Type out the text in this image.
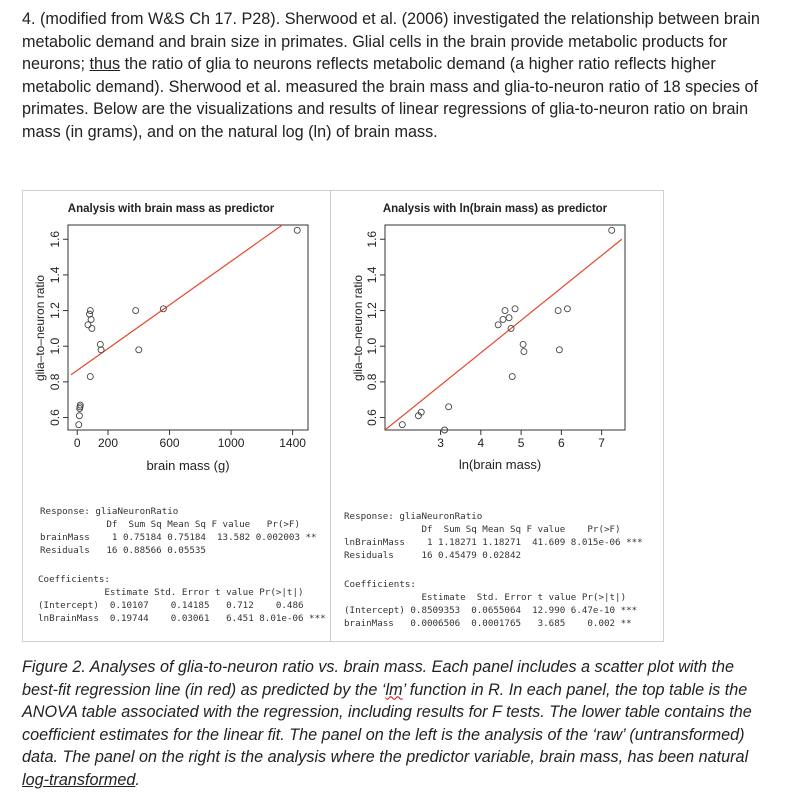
4. (modified from W&S Ch 17. P28). Sherwood et al. (2006) investigated the relationship between brain metabolic demand and brain size in primates. Glial cells in the brain provide metabolic products for neurons; thus the ratio of glia to neurons reflects metabolic demand (a higher ratio reflects higher metabolic demand). Sherwood et al. measured the brain mass and glia-to-neuron ratio of 18 species of primates. Below are the visualizations and results of linear regressions of glia-to-neuron ratio on brain mass (in grams), and on the natural log (ln) of brain mass.

Analysis with brain mass as predictor
0 200	600	1000	1400
0.6
0.8
1.0
1.2
1.4
1.6
brain mass (g)
glia–to–neuron ratio
Analysis with ln(brain mass) as predictor
3	4	5	6	7
0.6
0.8
1.0
1.2
1.4
1.6
ln(brain mass)
glia–to–neuron ratio
Response: gliaNeuronRatio
Df  Sum Sq Mean Sq F value   Pr(>F)
brainMass    1 0.75184 0.75184  13.582 0.002003 **
Residuals   16 0.88566 0.05535
Coefficients:
Estimate Std. Error t value Pr(>|t|)
(Intercept)  0.10107    0.14185   0.712    0.486
lnBrainMass  0.19744    0.03061   6.451 8.01e-06 ***
Response: gliaNeuronRatio
Df  Sum Sq Mean Sq F value    Pr(>F)
lnBrainMass    1 1.18271 1.18271  41.609 8.015e-06 ***
Residuals     16 0.45479 0.02842
Coefficients:
Estimate  Std. Error t value Pr(>|t|)
(Intercept) 0.8509353  0.0655064  12.990 6.47e-10 ***
brainMass   0.0006506  0.0001765   3.685    0.002 **

Figure 2. Analyses of glia-to-neuron ratio vs. brain mass. Each panel includes a scatter plot with the best-fit regression line (in red) as predicted by the ‘lm’ function in R. In each panel, the top table is the ANOVA table associated with the regression, including results for F tests. The lower table contains the coefficient estimates for the linear fit. The panel on the left is the analysis of the ‘raw’ (untransformed) data. The panel on the right is the analysis where the predictor variable, brain mass, has been natural log-transformed.
